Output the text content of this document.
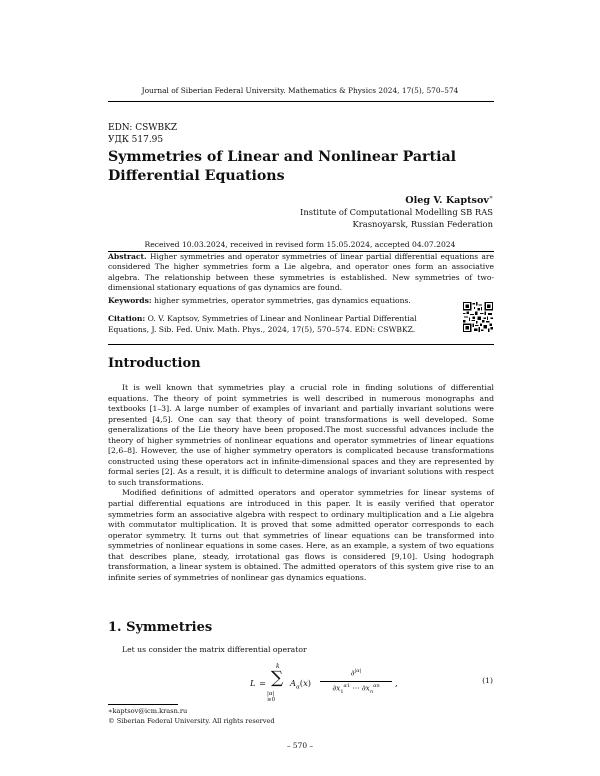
Journal of Siberian Federal University. Mathematics & Physics 2024, 17(5), 570–574
EDN: CSWBKZ
УДК 517.95
Symmetries of Linear and Nonlinear Partial Differential Equations
Oleg V. Kaptsov∗
Institute of Computational Modelling SB RAS
Krasnoyarsk, Russian Federation
Received 10.03.2024, received in revised form 15.05.2024, accepted 04.07.2024
Abstract. Higher symmetries and operator symmetries of linear partial differential equations are considered The higher symmetries form a Lie algebra, and operator ones form an associative algebra. The relationship between these symmetries is established. New symmetries of two-dimensional stationary equations of gas dynamics are found.
Keywords: higher symmetries, operator symmetries, gas dynamics equations.
Citation: O. V. Kaptsov, Symmetries of Linear and Nonlinear Partial Differential Equations, J. Sib. Fed. Univ. Math. Phys., 2024, 17(5), 570–574. EDN: CSWBKZ.
Introduction

It is well known that symmetries play a crucial role in finding solutions of differential equations. The theory of point symmetries is well described in numerous monographs and textbooks [1–3]. A large number of examples of invariant and partially invariant solutions were presented [4,5]. One can say that theory of point transformations is well developed. Some generalizations of the Lie theory have been proposed.The most successful advances include the theory of higher symmetries of nonlinear equations and operator symmetries of linear equations [2,6–8]. However, the use of higher symmetry operators is complicated because transformations constructed using these operators act in infinite-dimensional spaces and they are represented by formal series [2]. As a result, it is difficult to determine analogs of invariant solutions with respect to such transformations.

Modified definitions of admitted operators and operator symmetries for linear systems of partial differential equations are introduced in this paper. It is easily verified that operator symmetries form an associative algebra with respect to ordinary multiplication and a Lie algebra with commutator multiplication. It is proved that some admitted operator corresponds to each operator symmetry. It turns out that symmetries of linear equations can be transformed into symmetries of nonlinear equations in some cases. Here, as an example, a system of two equations that describes plane, steady, irrotational gas flows is considered [9,10]. Using hodograph transformation, a linear system is obtained. The admitted operators of this system give rise to an infinite series of symmetries of nonlinear gas dynamics equations.

1. Symmetries
Let us consider the matrix differential operator
L =
k
∑
|α|≥0
$A_\alpha(x)$
∂$^{|\alpha|}$
$\partial x_1^{\alpha 1}$ ··· $\partial x_n^{\alpha n}$	,	(1)
∗kaptsov@icm.krasn.ru
© Siberian Federal University. All rights reserved
– 570 –
